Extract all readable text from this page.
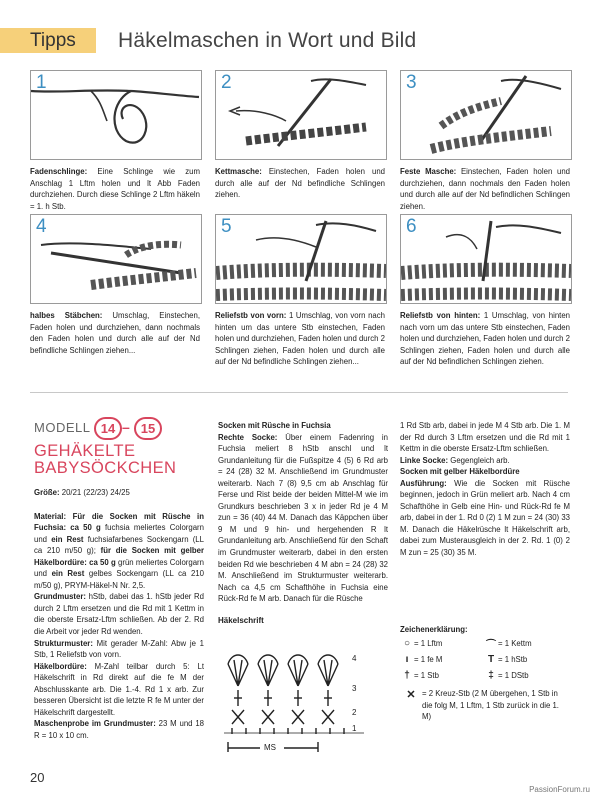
Tipps Häkelmaschen in Wort und Bild
1
Fadenschlinge: Eine Schlinge wie zum Anschlag 1 Lftm holen und lt Abb Faden durchziehen. Durch diese Schlinge 2 Lftm häkeln = 1. h Stb.
2
Kettmasche: Einstechen, Faden holen und durch alle auf der Nd befindliche Schlingen ziehen.
3
Feste Masche: Einstechen, Faden holen und durchziehen, dann nochmals den Faden holen und durch alle auf der Nd befindlichen Schlingen ziehen.
4
halbes Stäbchen: Umschlag, Einstechen, Faden holen und durchziehen, dann nochmals den Faden holen und durch alle auf der Nd befindliche Schlingen ziehen...
5
Reliefstb von vorn: 1 Umschlag, von vorn nach hinten um das untere Stb einstechen, Faden holen und durchziehen, Faden holen und durch 2 Schlingen ziehen, Faden holen und durch alle auf der Nd befindliche Schlingen ziehen...
6
Reliefstb von hinten: 1 Umschlag, von hinten nach vorn um das untere Stb einstechen, Faden holen und durchziehen, Faden holen und durch 2 Schlingen ziehen, Faden holen und durch alle auf der Nd befindlichen Schlingen ziehen.
MODELL 14 – 15
GEHÄKELTE
BABYSÖCKCHEN

Größe: 20/21 (22/23) 24/25

Material: Für die Socken mit Rüsche in Fuchsia: ca 50 g fuchsia meliertes Colorgarn und ein Rest fuchsiafarbenes Sockengarn (LL ca 210 m/50 g); für die Socken mit gelber Häkelbordüre: ca 50 g grün meliertes Colorgarn und ein Rest gelbes Sockengarn (LL ca 210 m/50 g), PRYM-Häkel-N Nr. 2,5.

Grundmuster: hStb, dabei das 1. hStb jeder Rd durch 2 Lftm ersetzen und die Rd mit 1 Kettm in die oberste Ersatz-Lftm schließen. Ab der 2. Rd die Arbeit vor jeder Rd wenden.

Strukturmuster: Mit gerader M-Zahl: Abw je 1 Stb, 1 Reliefstb von vorn.

Häkelbordüre: M-Zahl teilbar durch 5: Lt Häkelschrift in Rd direkt auf die fe M der Abschlusskante arb. Die 1.-4. Rd 1 x arb. Zur besseren Übersicht ist die letzte R fe M unter der Häkelschrift dargestellt.

Maschenprobe im Grundmuster: 23 M und 18 R = 10 x 10 cm.

Socken mit Rüsche in Fuchsia

Rechte Socke: Über einem Fadenring in Fuchsia meliert 8 hStb anschl und lt Grundanleitung für die Fußspitze 4 (5) 6 Rd arb = 24 (28) 32 M. Anschließend im Grundmuster weiterarb. Nach 7 (8) 9,5 cm ab Anschlag für Ferse und Rist beide der beiden Mittel-M wie im Grundkurs beschrieben 3 x in jeder Rd je 4 M zun = 36 (40) 44 M. Danach das Käppchen über 9 M und 9 hin- und hergehenden R lt Grundanleitung arb. Anschließend für den Schaft im Grundmuster weiterarb, dabei in den ersten beiden Rd wie beschrieben 4 M abn = 24 (28) 32 M. Anschließend im Strukturmuster weiterarb. Nach ca 4,5 cm Schafthöhe in Fuchsia eine Rück-Rd fe M arb. Danach für die Rüsche

Häkelschrift
4
3
2
1
MS

1 Rd Stb arb, dabei in jede M 4 Stb arb. Die 1. M der Rd durch 3 Lftm ersetzen und die Rd mit 1 Kettm in die oberste Ersatz-Lftm schließen.

Linke Socke: Gegengleich arb.

Socken mit gelber Häkelbordüre

Ausführung: Wie die Socken mit Rüsche beginnen, jedoch in Grün meliert arb. Nach 4 cm Schafthöhe in Gelb eine Hin- und Rück-Rd fe M arb, dabei in der 1. Rd 0 (2) 1 M zun = 24 (30) 33 M. Danach die Häkelrüsche lt Häkelschrift arb, dabei zum Musterausgleich in der 2. Rd. 1 (0) 2 M zun = 25 (30) 35 M.

Zeichenerklärung:
○ = 1 Lftm	⌒ = 1 Kettm
ı = 1 fe M	T = 1 hStb
† = 1 Stb	‡ = 1 DStb
✕ = 2 Kreuz-Stb (2 M übergehen, 1 Stb in die folg M, 1 Lftm, 1 Stb zurück in die 1. M)
20
PassionForum.ru
